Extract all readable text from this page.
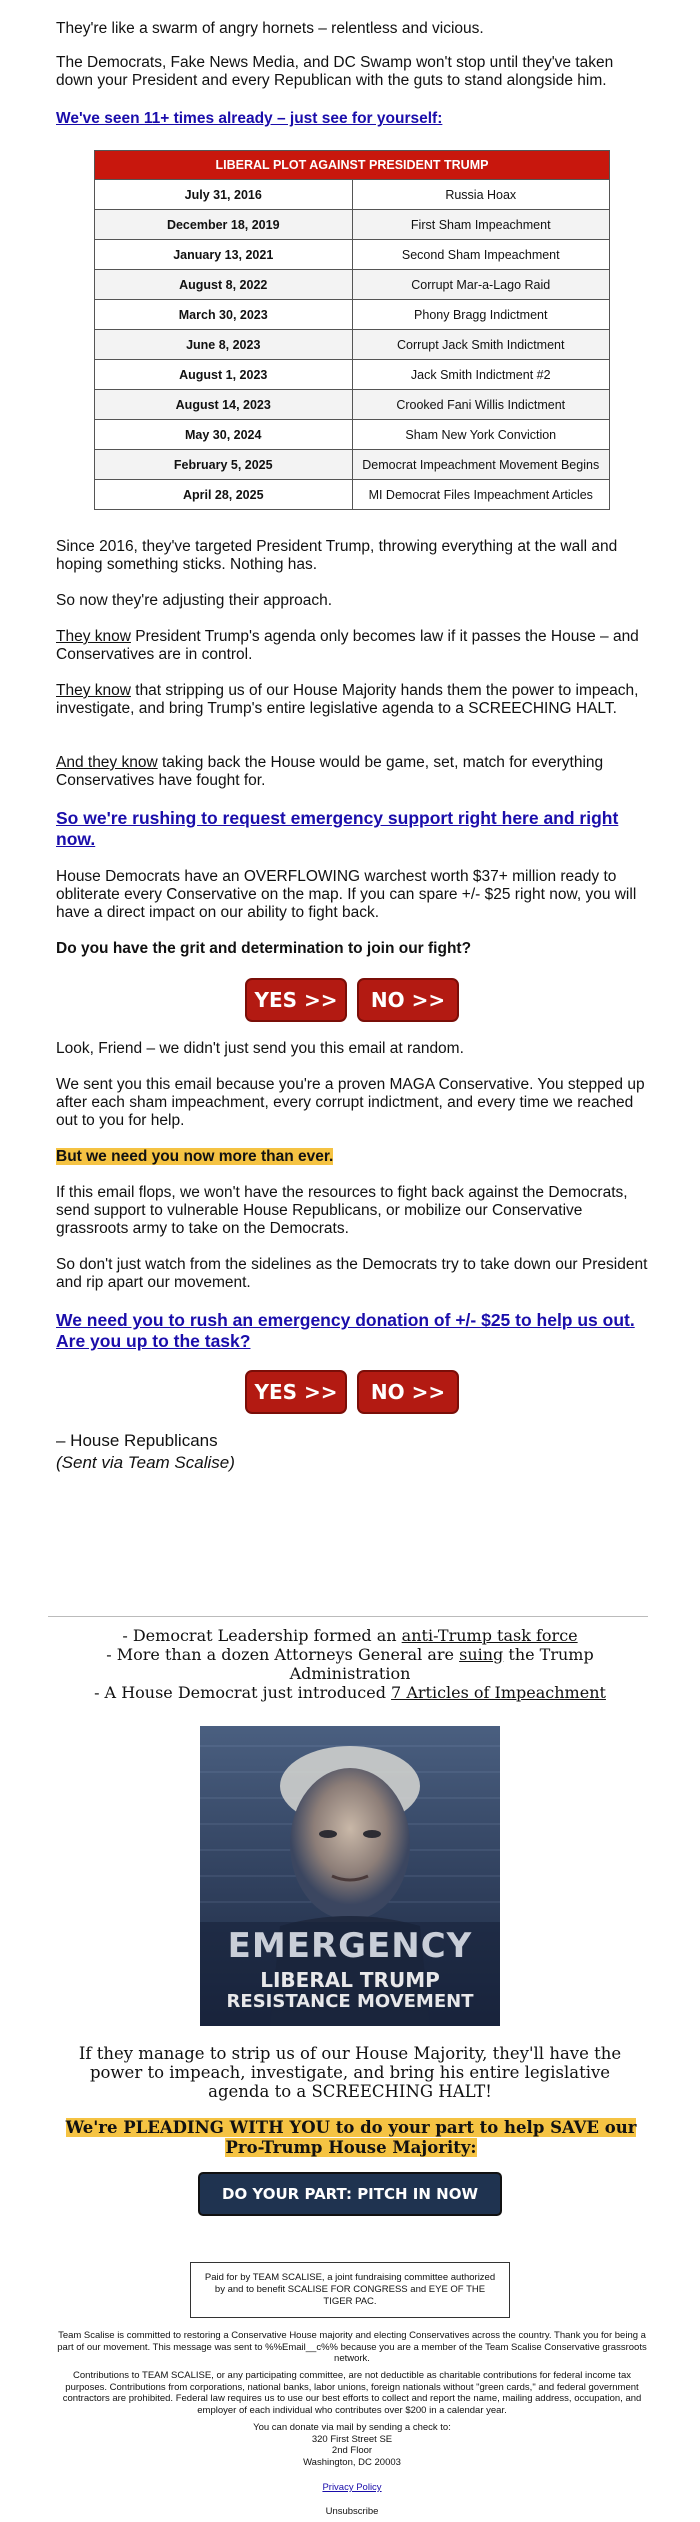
They're like a swarm of angry hornets – relentless and vicious.

The Democrats, Fake News Media, and DC Swamp won't stop until they've taken down your President and every Republican with the guts to stand alongside him.

We've seen 11+ times already – just see for yourself:

LIBERAL PLOT AGAINST PRESIDENT TRUMP	
July 31, 2016	Russia Hoax
December 18, 2019	First Sham Impeachment
January 13, 2021	Second Sham Impeachment
August 8, 2022	Corrupt Mar-a-Lago Raid
March 30, 2023	Phony Bragg Indictment
June 8, 2023	Corrupt Jack Smith Indictment
August 1, 2023	Jack Smith Indictment #2
August 14, 2023	Crooked Fani Willis Indictment
May 30, 2024	Sham New York Conviction
February 5, 2025	Democrat Impeachment Movement Begins
April 28, 2025	MI Democrat Files Impeachment Articles

Since 2016, they've targeted President Trump, throwing everything at the wall and hoping something sticks. Nothing has.

So now they're adjusting their approach.

They know President Trump's agenda only becomes law if it passes the House – and Conservatives are in control.

They know that stripping us of our House Majority hands them the power to impeach, investigate, and bring Trump's entire legislative agenda to a SCREECHING HALT.

And they know taking back the House would be game, set, match for everything Conservatives have fought for.

So we're rushing to request emergency support right here and right now.

House Democrats have an OVERFLOWING warchest worth $37+ million ready to obliterate every Conservative on the map. If you can spare +/- $25 right now, you will have a direct impact on our ability to fight back.

Do you have the grit and determination to join our fight?

YES >>	NO >>

Look, Friend – we didn't just send you this email at random.

We sent you this email because you're a proven MAGA Conservative. You stepped up after each sham impeachment, every corrupt indictment, and every time we reached out to you for help.

But we need you now more than ever.

If this email flops, we won't have the resources to fight back against the Democrats, send support to vulnerable House Republicans, or mobilize our Conservative grassroots army to take on the Democrats.

So don't just watch from the sidelines as the Democrats try to take down our President and rip apart our movement.

We need you to rush an emergency donation of +/- $25 to help us out. Are you up to the task?

YES >>	NO >>

– House Republicans

(Sent via Team Scalise)

- Democrat Leadership formed an anti-Trump task force
- More than a dozen Attorneys General are suing the Trump Administration
- A House Democrat just introduced 7 Articles of Impeachment
EMERGENCY
LIBERAL TRUMP
RESISTANCE MOVEMENT

If they manage to strip us of our House Majority, they'll have the power to impeach, investigate, and bring his entire legislative agenda to a SCREECHING HALT!

We're PLEADING WITH YOU to do your part to help SAVE our Pro-Trump House Majority:

DO YOUR PART: PITCH IN NOW
Paid for by TEAM SCALISE, a joint fundraising committee authorized by and to benefit SCALISE FOR CONGRESS and EYE OF THE TIGER PAC.

Team Scalise is committed to restoring a Conservative House majority and electing Conservatives across the country. Thank you for being a part of our movement. This message was sent to %%Email__c%% because you are a member of the Team Scalise Conservative grassroots network.

Contributions to TEAM SCALISE, or any participating committee, are not deductible as charitable contributions for federal income tax purposes. Contributions from corporations, national banks, labor unions, foreign nationals without "green cards," and federal government contractors are prohibited. Federal law requires us to use our best efforts to collect and report the name, mailing address, occupation, and employer of each individual who contributes over $200 in a calendar year.

You can donate via mail by sending a check to:
320 First Street SE
2nd Floor
Washington, DC 20003
Privacy Policy
Unsubscribe
